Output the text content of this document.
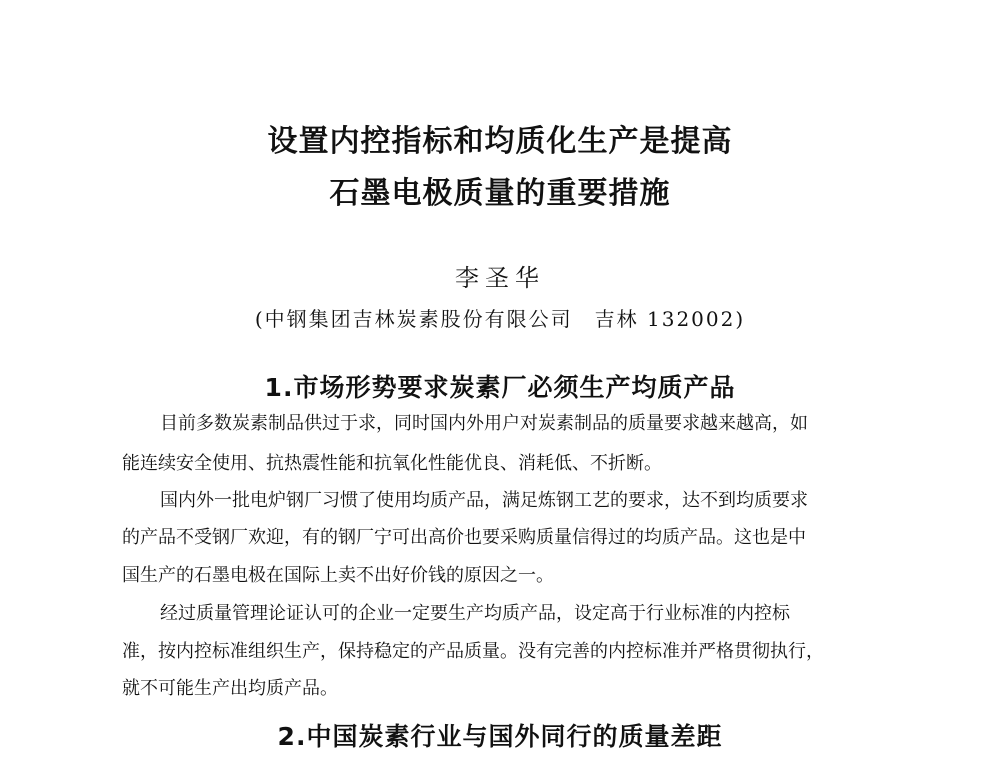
设置内控指标和均质化生产是提高
石墨电极质量的重要措施
李圣华
(中钢集团吉林炭素股份有限公司　吉林 132002)
1.市场形势要求炭素厂必须生产均质产品
目前多数炭素制品供过于求，同时国内外用户对炭素制品的质量要求越来越高，如
能连续安全使用、抗热震性能和抗氧化性能优良、消耗低、不折断。
国内外一批电炉钢厂习惯了使用均质产品，满足炼钢工艺的要求，达不到均质要求
的产品不受钢厂欢迎，有的钢厂宁可出高价也要采购质量信得过的均质产品。这也是中
国生产的石墨电极在国际上卖不出好价钱的原因之一。
经过质量管理论证认可的企业一定要生产均质产品，设定高于行业标准的内控标
准，按内控标准组织生产，保持稳定的产品质量。没有完善的内控标准并严格贯彻执行，
就不可能生产出均质产品。
2.中国炭素行业与国外同行的质量差距
